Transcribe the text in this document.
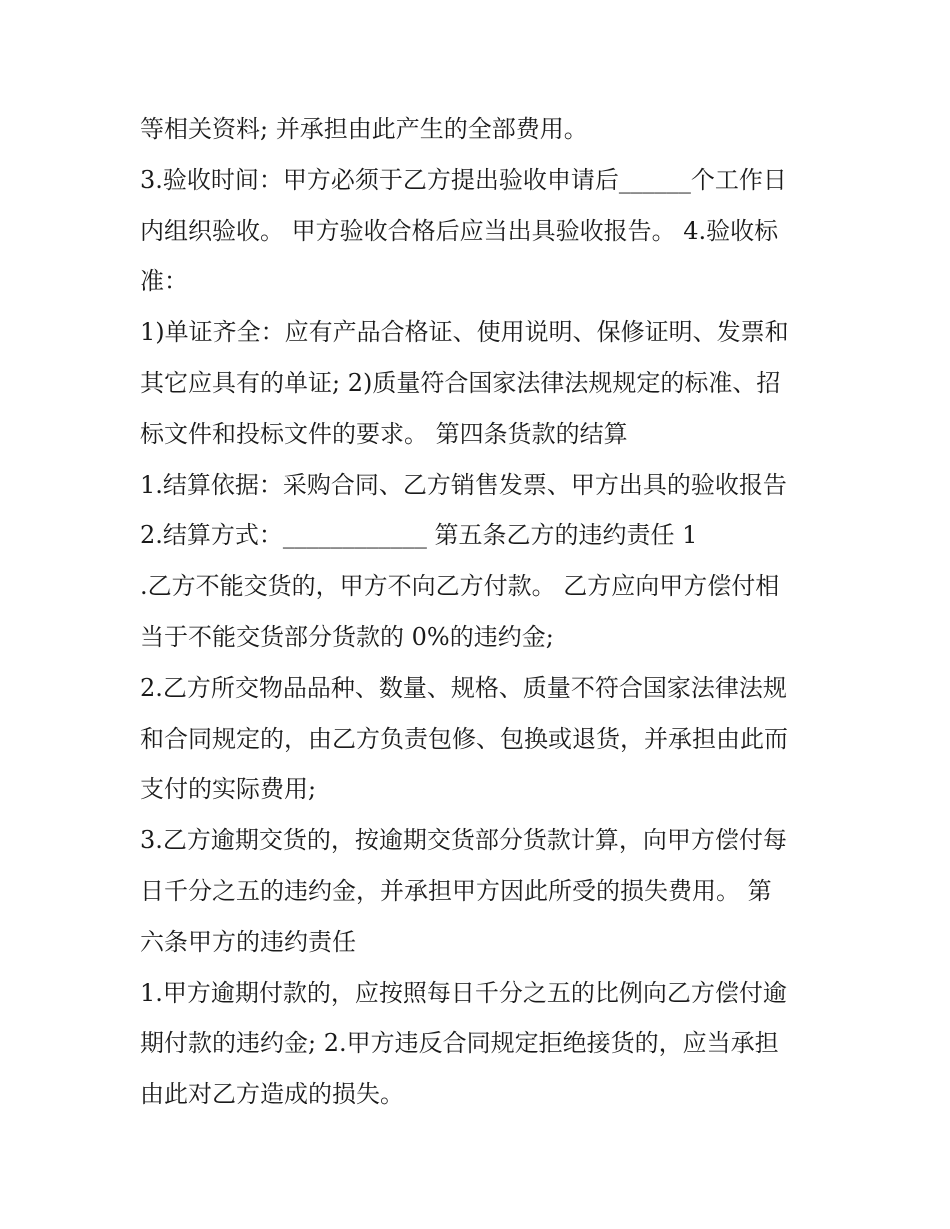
等相关资料; 并承担由此产生的全部费用。
3.验收时间：甲方必须于乙方提出验收申请后______个工作日
内组织验收。 甲方验收合格后应当出具验收报告。 4.验收标
准：
1)单证齐全：应有产品合格证、使用说明、保修证明、发票和
其它应具有的单证; 2)质量符合国家法律法规规定的标准、招
标文件和投标文件的要求。 第四条货款的结算
1.结算依据：采购合同、乙方销售发票、甲方出具的验收报告
2.结算方式：____________ 第五条乙方的违约责任 1
.乙方不能交货的，甲方不向乙方付款。 乙方应向甲方偿付相
当于不能交货部分货款的 0%的违约金;
2.乙方所交物品品种、数量、规格、质量不符合国家法律法规
和合同规定的，由乙方负责包修、包换或退货，并承担由此而
支付的实际费用;
3.乙方逾期交货的，按逾期交货部分货款计算，向甲方偿付每
日千分之五的违约金，并承担甲方因此所受的损失费用。 第
六条甲方的违约责任
1.甲方逾期付款的，应按照每日千分之五的比例向乙方偿付逾
期付款的违约金; 2.甲方违反合同规定拒绝接货的，应当承担
由此对乙方造成的损失。
